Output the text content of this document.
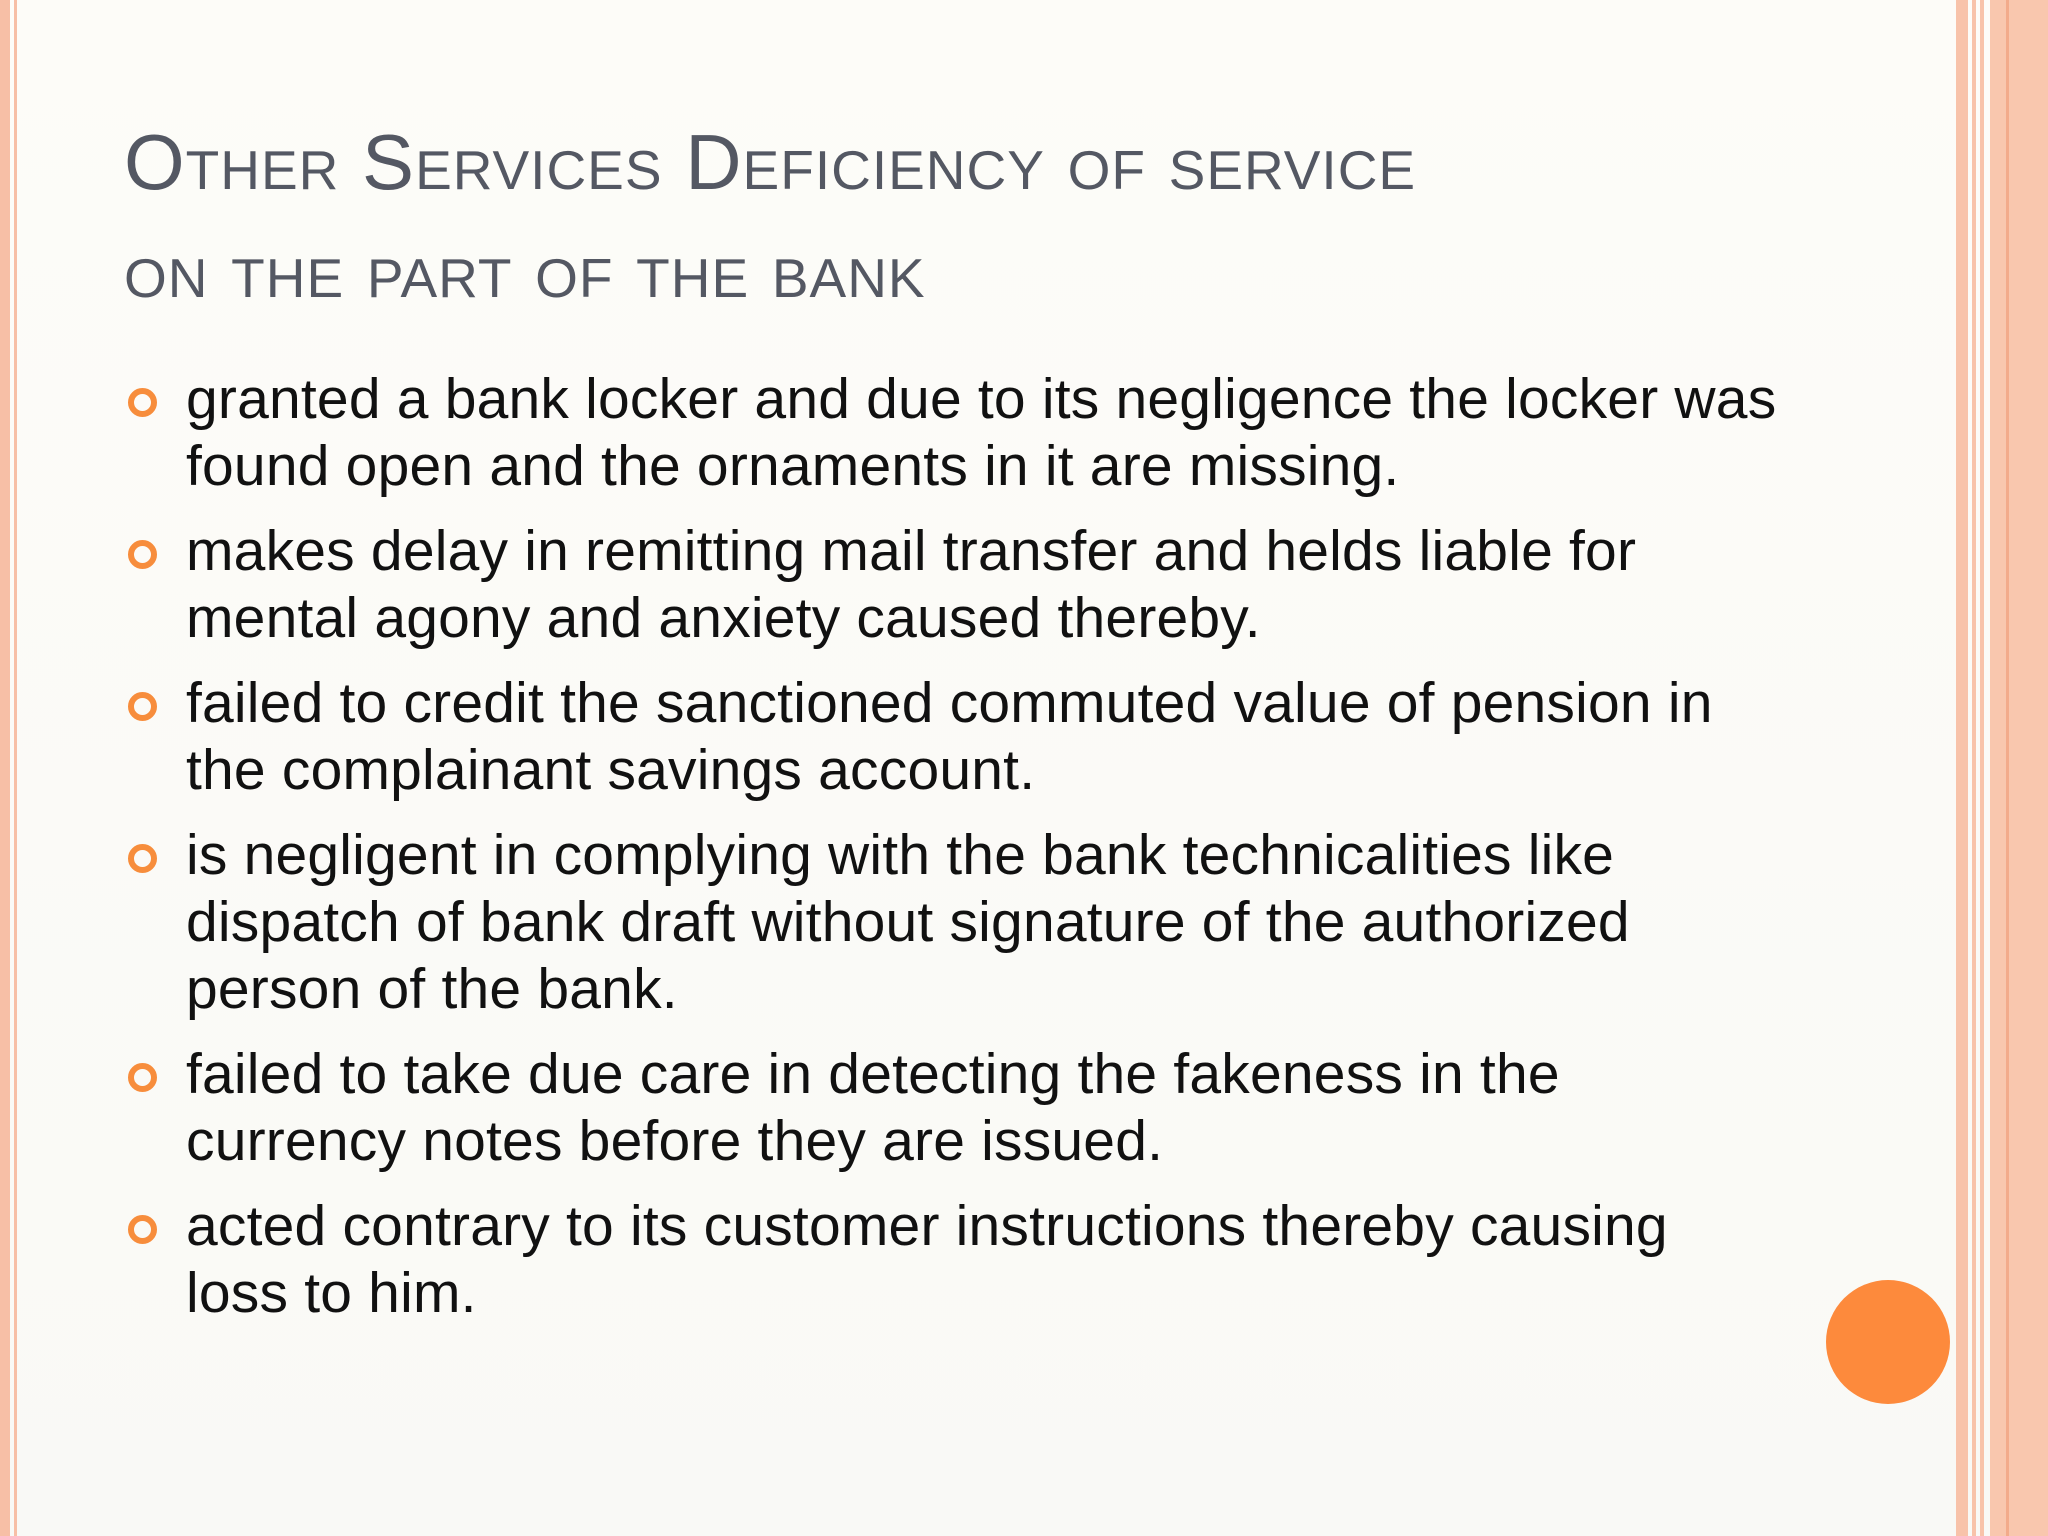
Other Services Deficiency of service
on the part of the bank
granted a bank locker and due to its negligence the locker was found open and the ornaments in it are missing.
makes delay in remitting mail transfer and helds liable for mental agony and anxiety caused thereby.
failed to credit the sanctioned commuted value of pension in the complainant savings account.
is negligent in complying with the bank technicalities like dispatch of bank draft without signature of the authorized person of the bank.
failed to take due care in detecting the fakeness in the currency notes before they are issued.
acted contrary to its customer instructions thereby causing loss to him.
